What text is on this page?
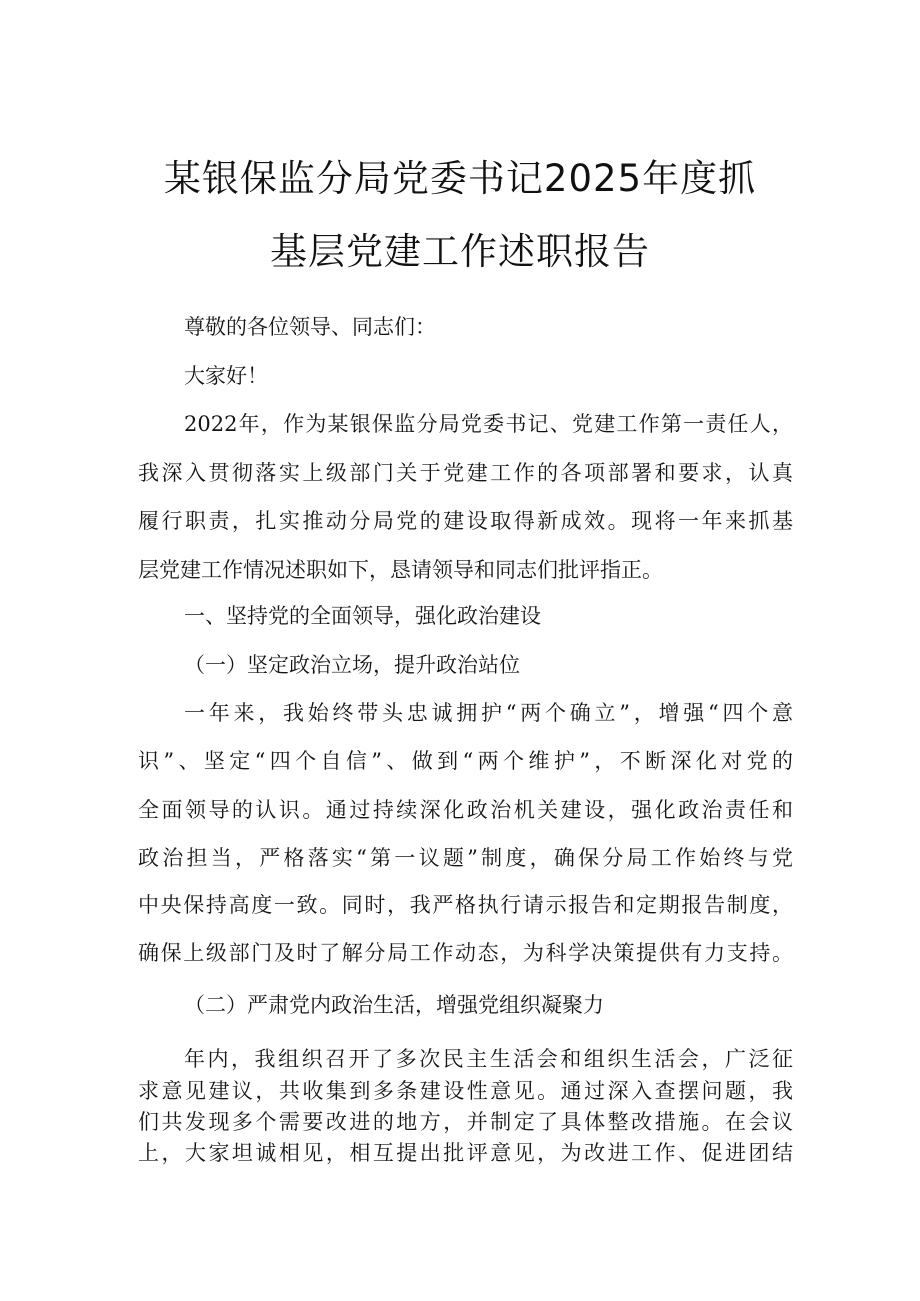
某银保监分局党委书记2025年度抓
基层党建工作述职报告
尊敬的各位领导、同志们：
大家好！
2022年，作为某银保监分局党委书记、党建工作第一责任人，
我深入贯彻落实上级部门关于党建工作的各项部署和要求，认真
履行职责，扎实推动分局党的建设取得新成效。现将一年来抓基
层党建工作情况述职如下，恳请领导和同志们批评指正。
一、坚持党的全面领导，强化政治建设
（一）坚定政治立场，提升政治站位
一年来，我始终带头忠诚拥护“两个确立”，增强“四个意
识”、坚定“四个自信”、做到“两个维护”，不断深化对党的
全面领导的认识。通过持续深化政治机关建设，强化政治责任和
政治担当，严格落实“第一议题”制度，确保分局工作始终与党
中央保持高度一致。同时，我严格执行请示报告和定期报告制度，
确保上级部门及时了解分局工作动态，为科学决策提供有力支持。
（二）严肃党内政治生活，增强党组织凝聚力
年内，我组织召开了多次民主生活会和组织生活会，广泛征
求意见建议，共收集到多条建设性意见。通过深入查摆问题，我
们共发现多个需要改进的地方，并制定了具体整改措施。在会议
上，大家坦诚相见，相互提出批评意见，为改进工作、促进团结
